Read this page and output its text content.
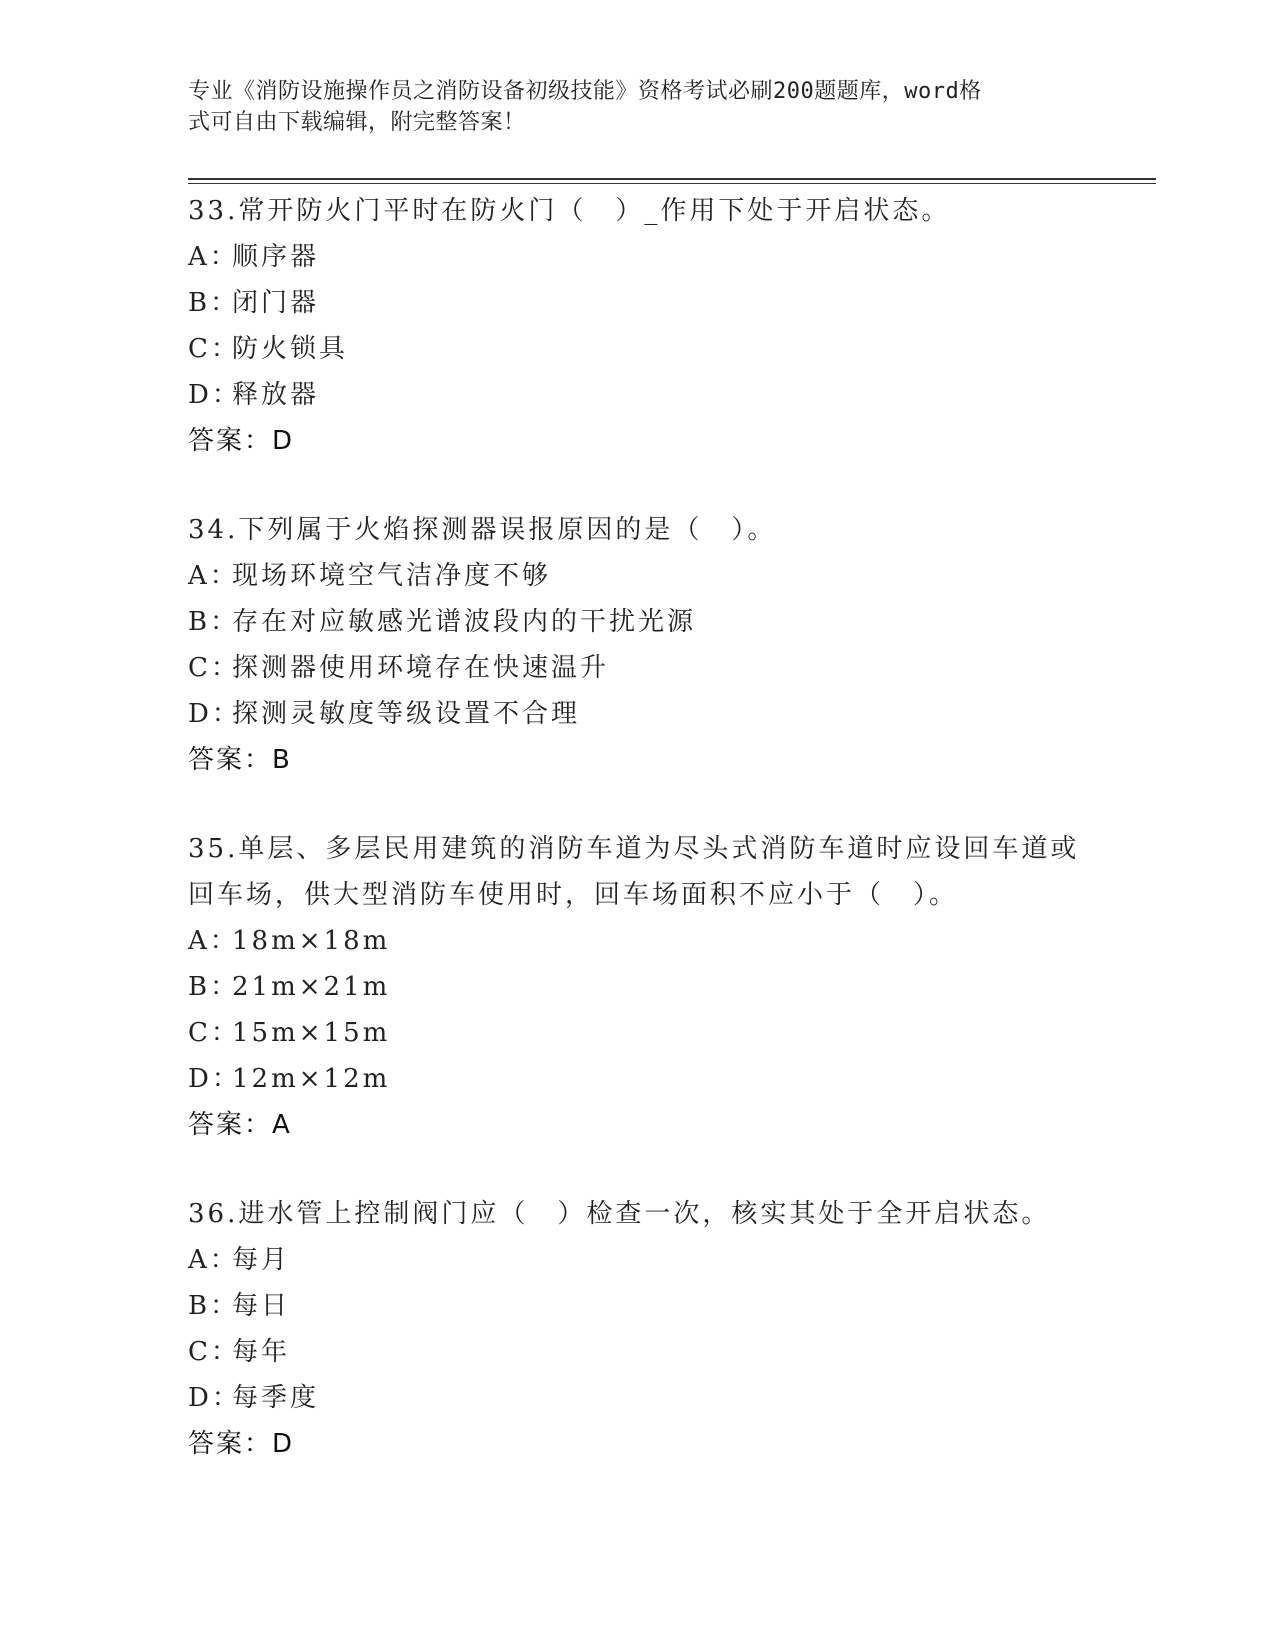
专业《消防设施操作员之消防设备初级技能》资格考试必刷200题题库，word格
式可自由下载编辑，附完整答案！
33.常开防火门平时在防火门（　）_作用下处于开启状态。
A：
顺序器
B：
闭门器
C：
防火锁具
D：
释放器
答案：D
34.下列属于火焰探测器误报原因的是（　）。
A：
现场环境空气洁净度不够
B：
存在对应敏感光谱波段内的干扰光源
C：
探测器使用环境存在快速温升
D：
探测灵敏度等级设置不合理
答案：B
35.单层、多层民用建筑的消防车道为尽头式消防车道时应设回车道或回车场，供大型消防车使用时，回车场面积不应小于（　）。
A：
18m×18m
B：
21m×21m
C：
15m×15m
D：
12m×12m
答案：A
36.进水管上控制阀门应（　）检查一次，核实其处于全开启状态。
A：
每月
B：
每日
C：
每年
D：
每季度
答案：D
